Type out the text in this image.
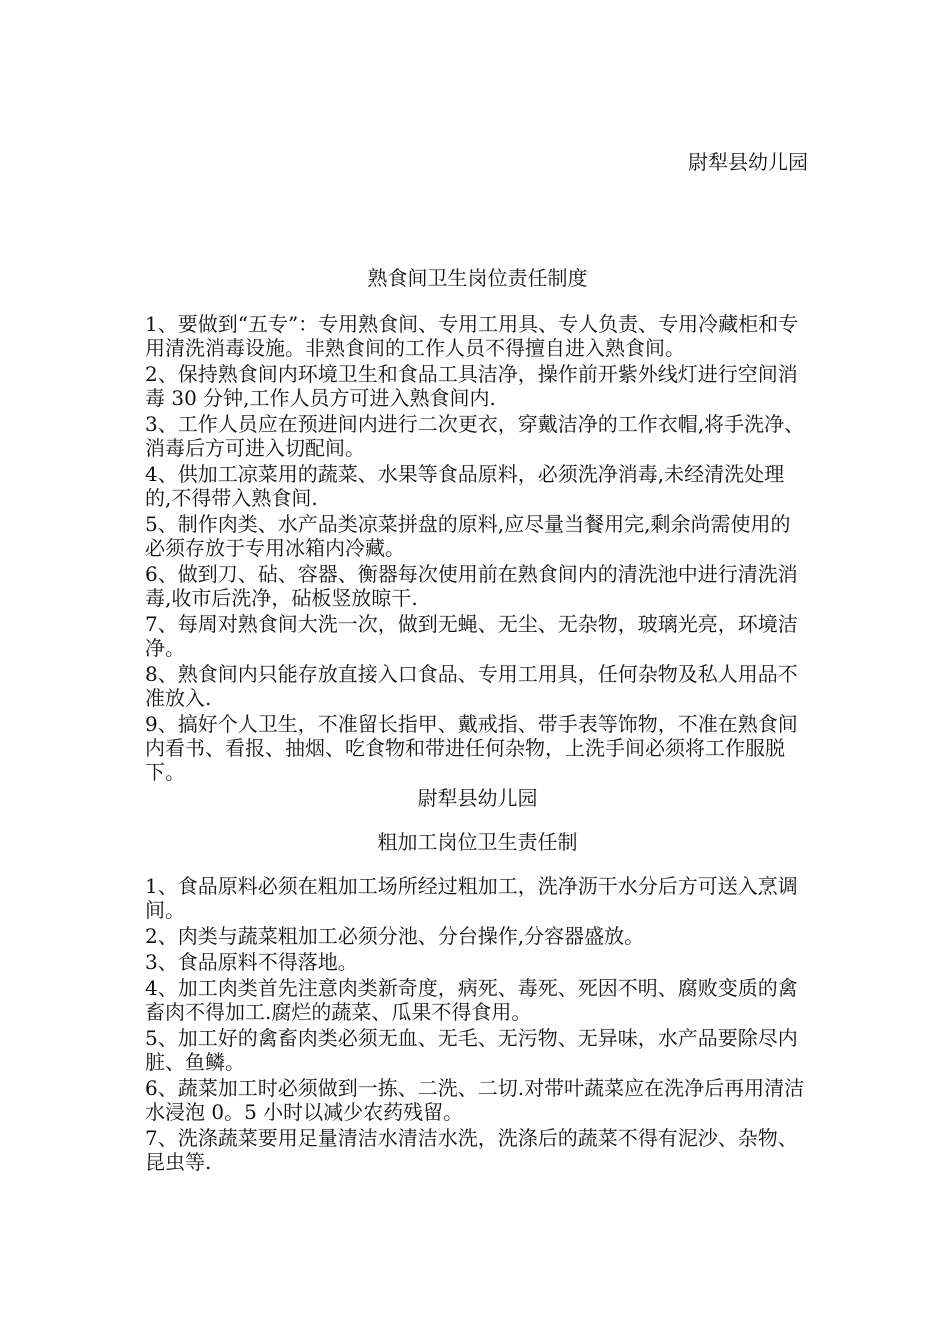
尉犁县幼儿园
熟食间卫生岗位责任制度

1、要做到“五专”：专用熟食间、专用工用具、专人负责、专用冷藏柜和专用清洗消毒设施。非熟食间的工作人员不得擅自进入熟食间。

2、保持熟食间内环境卫生和食品工具洁净，操作前开紫外线灯进行空间消毒 30 分钟,工作人员方可进入熟食间内.

3、工作人员应在预进间内进行二次更衣，穿戴洁净的工作衣帽,将手洗净、消毒后方可进入切配间。

4、供加工凉菜用的蔬菜、水果等食品原料，必须洗净消毒,未经清洗处理的,不得带入熟食间.

5、制作肉类、水产品类凉菜拼盘的原料,应尽量当餐用完,剩余尚需使用的必须存放于专用冰箱内冷藏。

6、做到刀、砧、容器、衡器每次使用前在熟食间内的清洗池中进行清洗消毒,收市后洗净，砧板竖放晾干.

7、每周对熟食间大洗一次，做到无蝇、无尘、无杂物，玻璃光亮，环境洁净。

8、熟食间内只能存放直接入口食品、专用工用具，任何杂物及私人用品不准放入.

9、搞好个人卫生，不准留长指甲、戴戒指、带手表等饰物，不准在熟食间内看书、看报、抽烟、吃食物和带进任何杂物，上洗手间必须将工作服脱下。

尉犁县幼儿园
粗加工岗位卫生责任制

1、食品原料必须在粗加工场所经过粗加工，洗净沥干水分后方可送入烹调间。

2、肉类与蔬菜粗加工必须分池、分台操作,分容器盛放。

3、食品原料不得落地。

4、加工肉类首先注意肉类新奇度，病死、毒死、死因不明、腐败变质的禽畜肉不得加工.腐烂的蔬菜、瓜果不得食用。

5、加工好的禽畜肉类必须无血、无毛、无污物、无异味，水产品要除尽内脏、鱼鳞。

6、蔬菜加工时必须做到一拣、二洗、二切.对带叶蔬菜应在洗净后再用清洁水浸泡 0。5 小时以减少农药残留。

7、洗涤蔬菜要用足量清洁水清洁水洗，洗涤后的蔬菜不得有泥沙、杂物、昆虫等.
